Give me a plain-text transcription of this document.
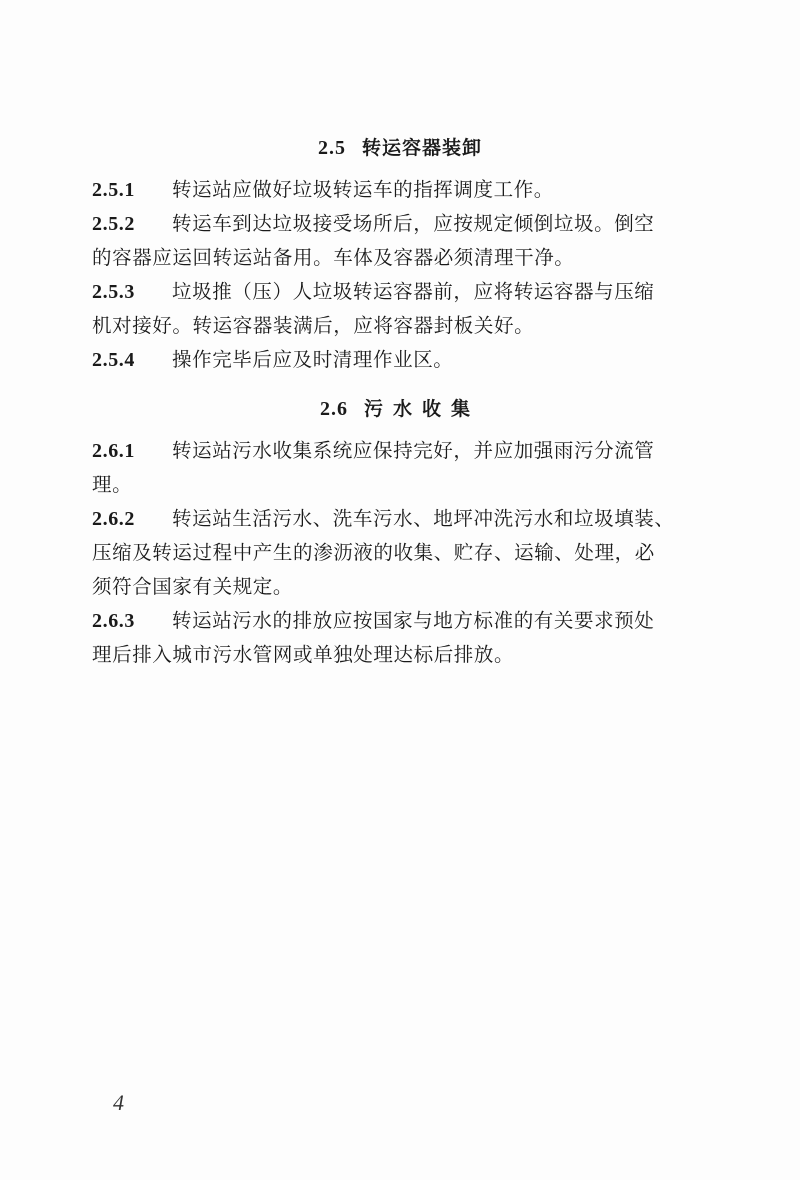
2.5 转运容器装卸
2.5.1 转运站应做好垃圾转运车的指挥调度工作。
2.5.2 转运车到达垃圾接受场所后，应按规定倾倒垃圾。倒空
的容器应运回转运站备用。车体及容器必须清理干净。
2.5.3 垃圾推（压）人垃圾转运容器前，应将转运容器与压缩
机对接好。转运容器装满后，应将容器封板关好。
2.5.4 操作完毕后应及时清理作业区。
2.6 污水收集
2.6.1 转运站污水收集系统应保持完好，并应加强雨污分流管
理。
2.6.2 转运站生活污水、洗车污水、地坪冲洗污水和垃圾填装、
压缩及转运过程中产生的渗沥液的收集、贮存、运输、处理，必
须符合国家有关规定。
2.6.3 转运站污水的排放应按国家与地方标准的有关要求预处
理后排入城市污水管网或单独处理达标后排放。
4
